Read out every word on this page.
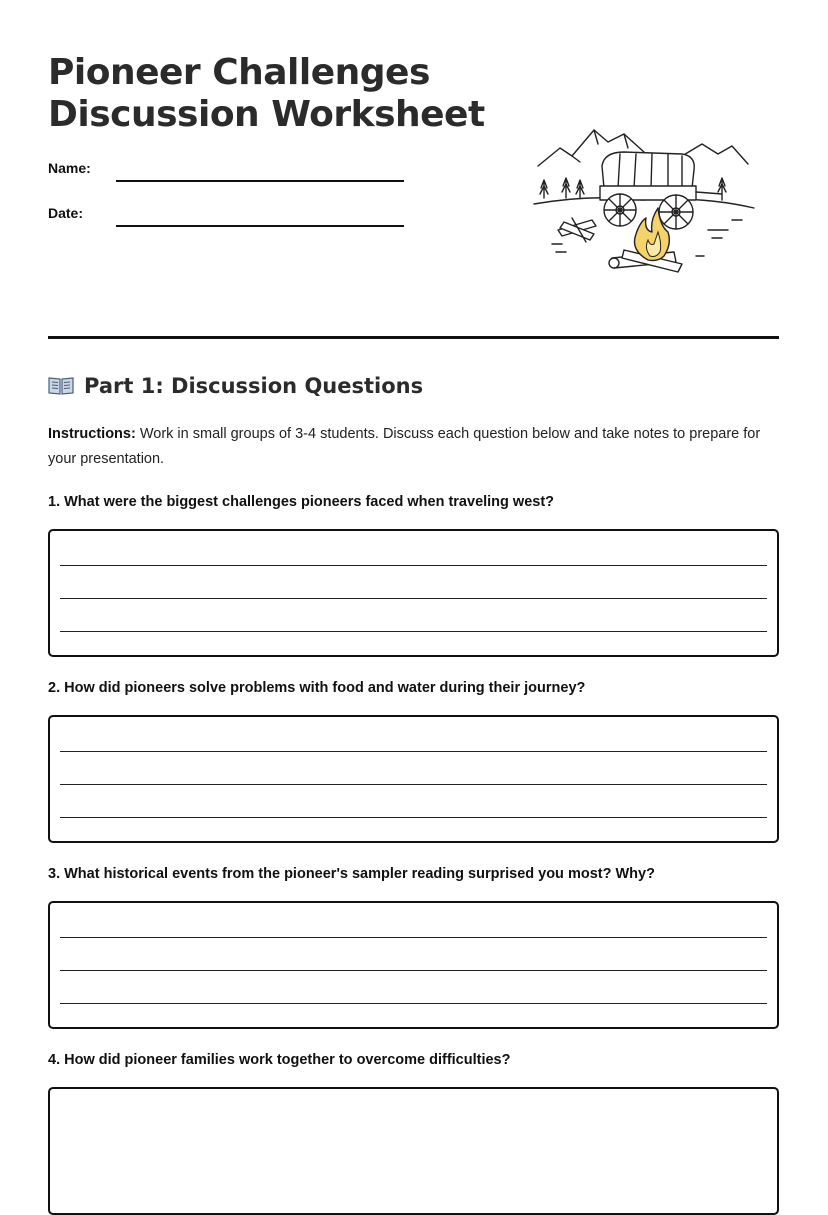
Pioneer Challenges
Discussion Worksheet
Name:
Date:
Part 1: Discussion Questions

Instructions: Work in small groups of 3-4 students. Discuss each question below and take notes to prepare for your presentation.

1. What were the biggest challenges pioneers faced when traveling west?

2. How did pioneers solve problems with food and water during their journey?

3. What historical events from the pioneer's sampler reading surprised you most? Why?

4. How did pioneer families work together to overcome difficulties?
